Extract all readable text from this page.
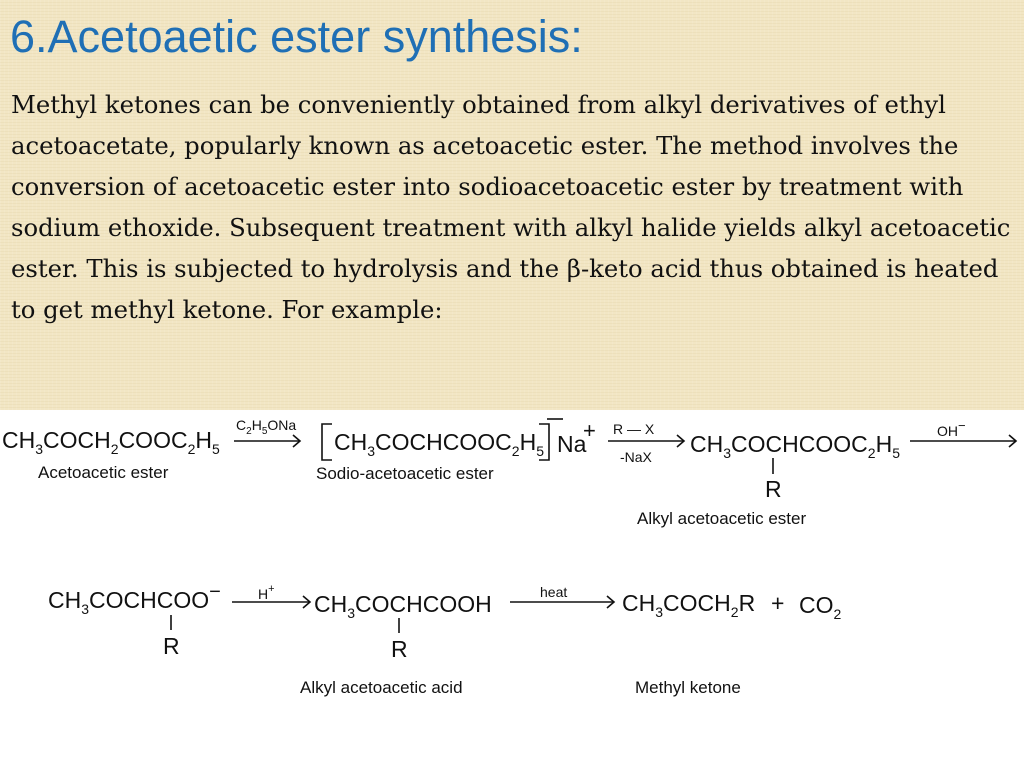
6.Acetoaetic ester synthesis:

Methyl ketones can be conveniently obtained from alkyl derivatives of ethyl acetoacetate, popularly known as acetoacetic ester. The method involves the conversion of acetoacetic ester into sodioacetoacetic ester by treatment with sodium ethoxide. Subsequent treatment with alkyl halide yields alkyl acetoacetic ester. This is subjected to hydrolysis and the β-keto acid thus obtained is heated to get methyl ketone. For example:

$CH_3COCH_2COOC_2H_5$
Acetoacetic ester
$C_2H_5ONa$
$CH_3COCHCOOC_2H_5$ Na
+
Sodio-acetoacetic ester
R — X
-NaX $CH_3COCHCOOC_2H_5$
R
Alkyl acetoacetic ester
OH−
$CH_3COCHCOO-$
R
H+
$CH_3COCHCOOH$
R
Alkyl acetoacetic acid
heat $CH_3COCH_2R + CO_2$
Methyl ketone
